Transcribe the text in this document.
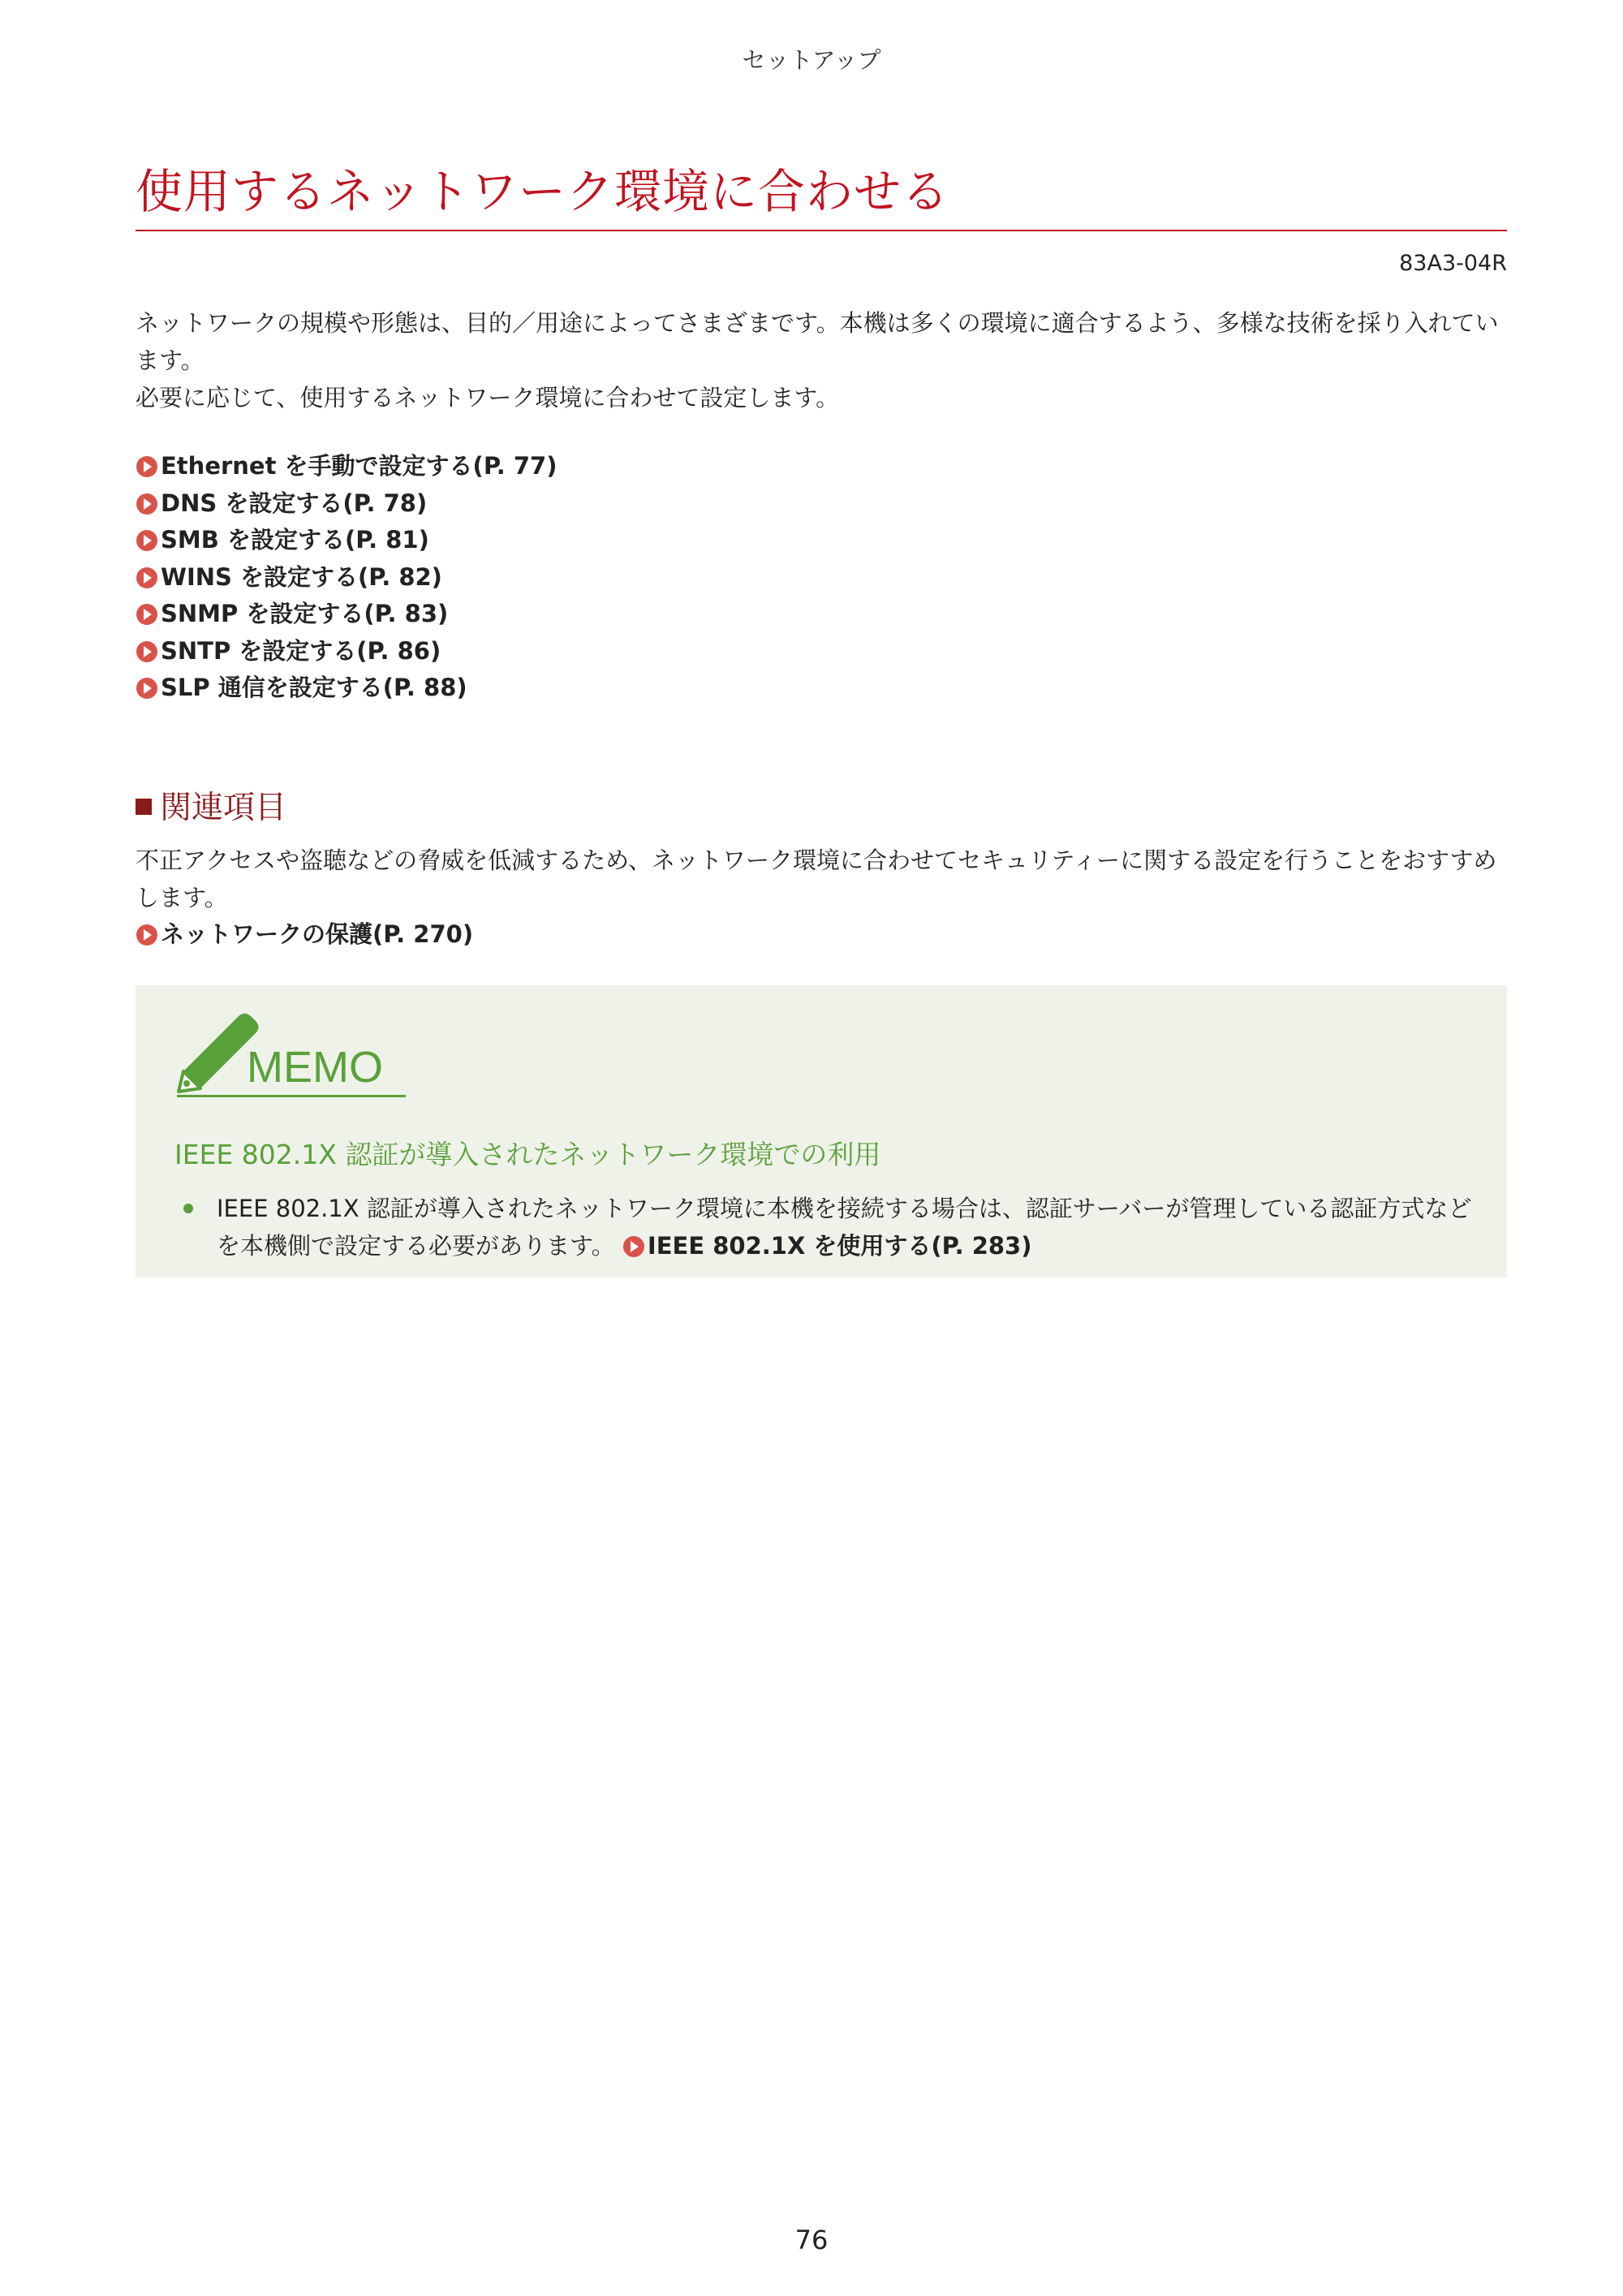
セットアップ
使用するネットワーク環境に合わせる
83A3-04R

ネットワークの規模や形態は、目的／用途によってさまざまです。本機は多くの環境に適合するよう、多様な技術を採り入れています。

必要に応じて、使用するネットワーク環境に合わせて設定します。

Ethernet を手動で設定する(P. 77)
DNS を設定する(P. 78)
SMB を設定する(P. 81)
WINS を設定する(P. 82)
SNMP を設定する(P. 83)
SNTP を設定する(P. 86)
SLP 通信を設定する(P. 88)
関連項目

不正アクセスや盗聴などの脅威を低減するため、ネットワーク環境に合わせてセキュリティーに関する設定を行うことをおすすめします。

ネットワークの保護(P. 270)
MEMO
IEEE 802.1X 認証が導入されたネットワーク環境での利用
IEEE 802.1X 認証が導入されたネットワーク環境に本機を接続する場合は、認証サーバーが管理している認証方式などを本機側で設定する必要があります。 IEEE 802.1X を使用する(P. 283)
76
